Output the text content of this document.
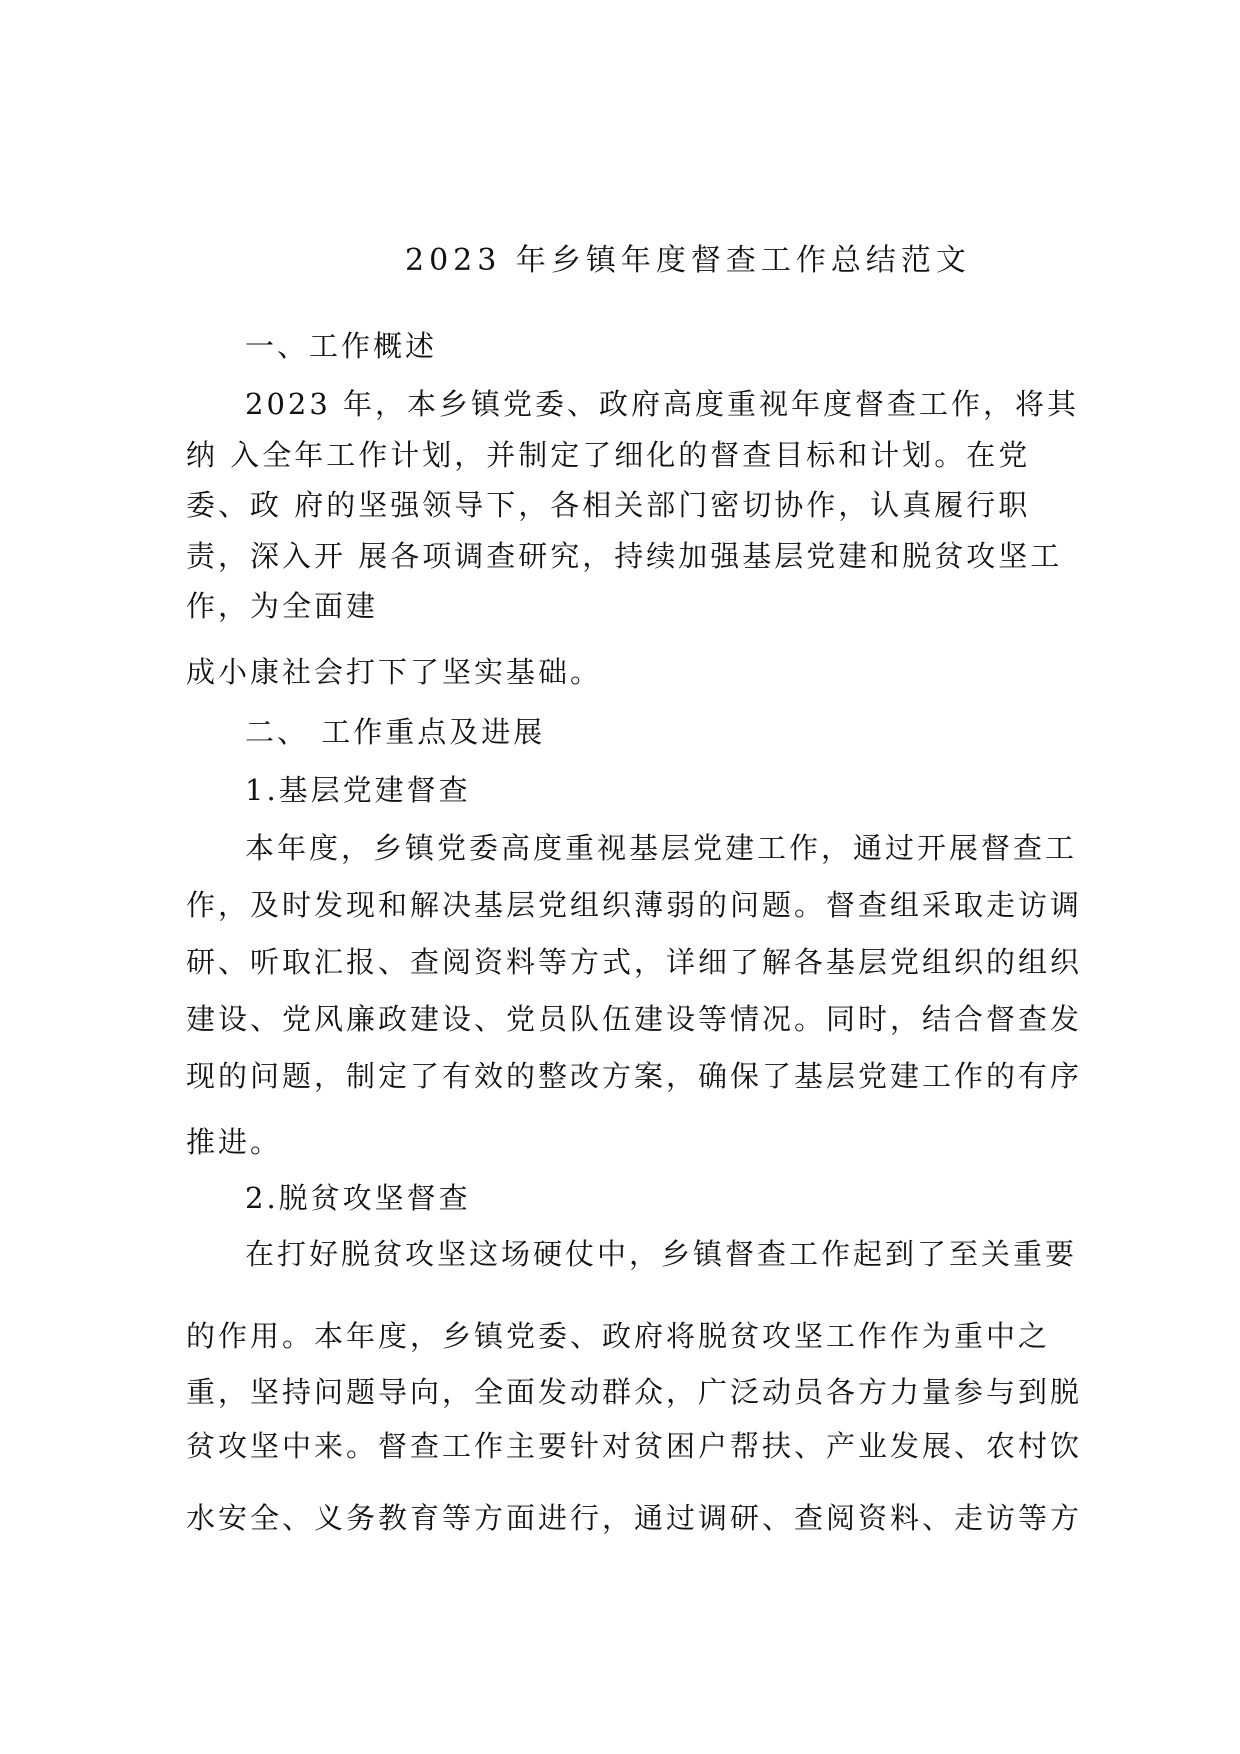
2023 年乡镇年度督查工作总结范文

一、工作概述

2023 年，本乡镇党委、政府高度重视年度督查工作，将其

纳 入全年工作计划，并制定了细化的督查目标和计划。在党

委、政 府的坚强领导下，各相关部门密切协作，认真履行职

责，深入开 展各项调查研究，持续加强基层党建和脱贫攻坚工

作，为全面建

成小康社会打下了坚实基础。

二、 工作重点及进展

1.基层党建督查

本年度，乡镇党委高度重视基层党建工作，通过开展督查工

作，及时发现和解决基层党组织薄弱的问题。督查组采取走访调

研、听取汇报、查阅资料等方式，详细了解各基层党组织的组织

建设、党风廉政建设、党员队伍建设等情况。同时，结合督查发

现的问题，制定了有效的整改方案，确保了基层党建工作的有序

推进。

2.脱贫攻坚督查

在打好脱贫攻坚这场硬仗中，乡镇督查工作起到了至关重要

的作用。本年度，乡镇党委、政府将脱贫攻坚工作作为重中之

重，坚持问题导向，全面发动群众，广泛动员各方力量参与到脱

贫攻坚中来。督查工作主要针对贫困户帮扶、产业发展、农村饮

水安全、义务教育等方面进行，通过调研、查阅资料、走访等方
